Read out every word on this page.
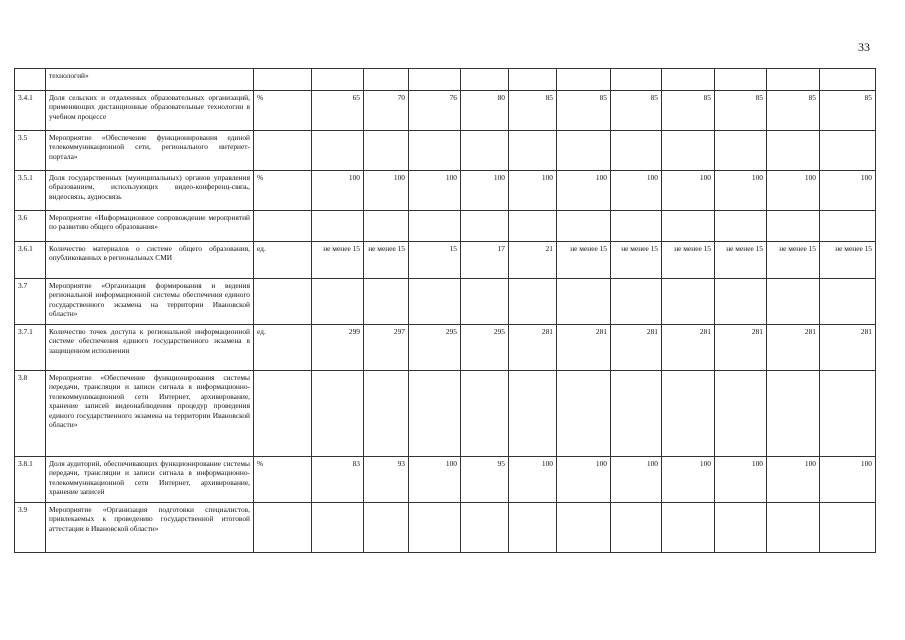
33
	технологий»												
3.4.1	Доля сельских и отдаленных образовательных организаций, применяющих дистанционные образовательные технологии в учебном процессе	%	65	70	76	80	85	85	85	85	85	85	85
3.5	Мероприятие «Обеспечение функционирования единой телекоммуникационной сети, регионального интернет-портала»												
3.5.1	Доля государственных (муниципальных) органов управления образованием, использующих видео-конференц-связь, видеосвязь, аудиосвязь	%	100	100	100	100	100	100	100	100	100	100	100
3.6	Мероприятие «Информационное сопровождение мероприятий по развитию общего образования»												
3.6.1	Количество материалов о системе общего образования, опубликованных в региональных СМИ	ед.	не менее 15	не менее 15	15	17	21	не менее 15	не менее 15	не менее 15	не менее 15	не менее 15	не менее 15
3.7	Мероприятие «Организация формирования и ведения региональной информационной системы обеспечения единого государственного экзамена на территории Ивановской области»												
3.7.1	Количество точек доступа к региональной информационной системе обеспечения единого государственного экзамена в защищенном исполнении	ед.	299	297	295	295	281	281	281	281	281	281	281
3.8	Мероприятие «Обеспечение функционирования системы передачи, трансляции и записи сигнала в информационно-телекоммуникационной сети Интернет, архивирование, хранение записей видеонаблюдения процедур проведения единого государственного экзамена на территории Ивановской области»												
3.8.1	Доля аудиторий, обеспечивающих функционирование системы передачи, трансляции и записи сигнала в информационно-телекоммуникационной сети Интернет, архивирование, хранение записей	%	83	93	100	95	100	100	100	100	100	100	100
3.9	Мероприятие «Организация подготовки специалистов, привлекаемых к проведению государственной итоговой аттестации в Ивановской области»												
